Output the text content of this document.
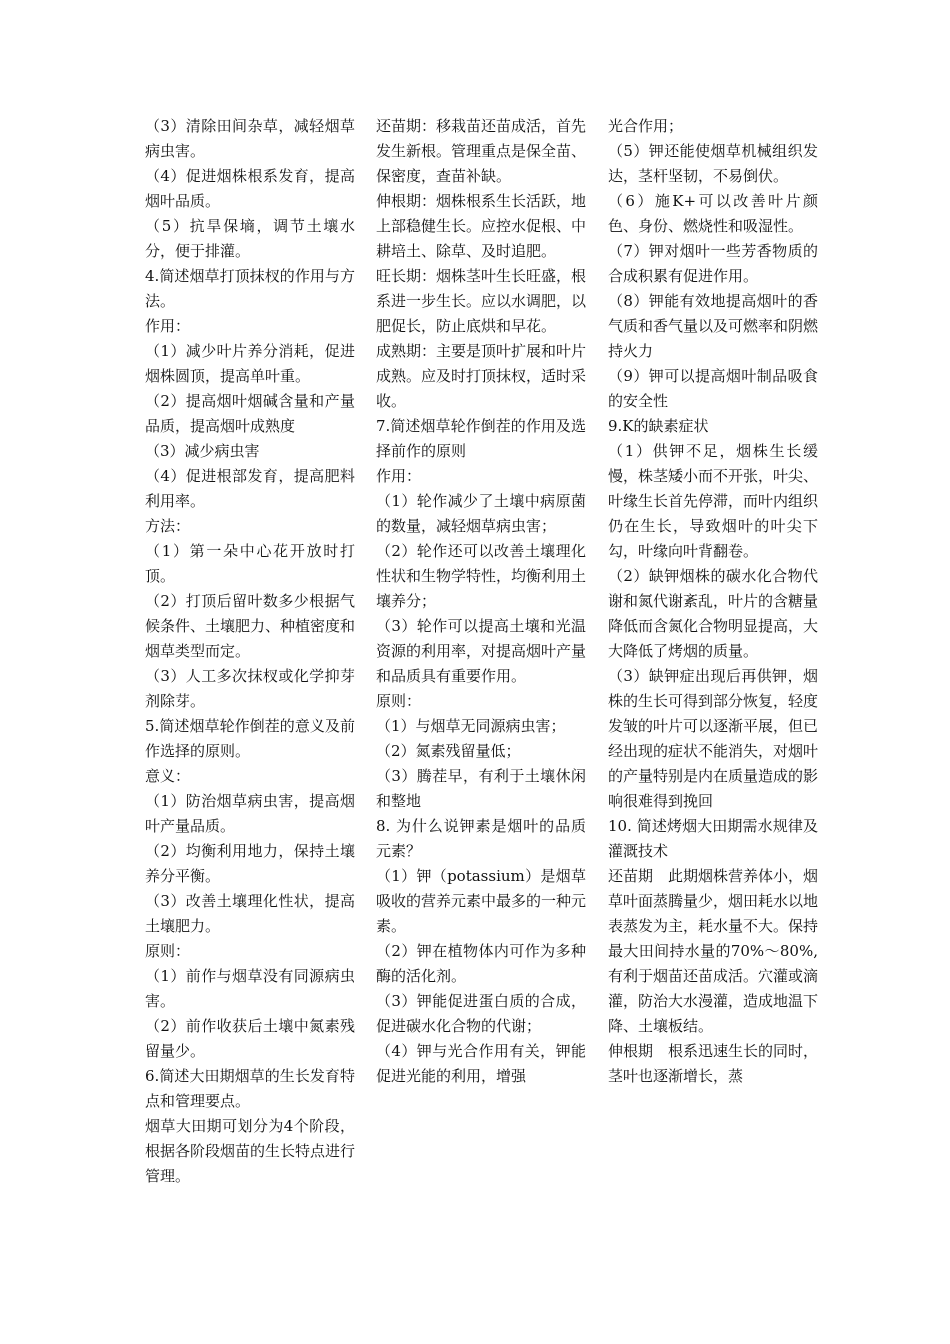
（3）清除田间杂草，减轻烟草病虫害。

（4）促进烟株根系发育，提高烟叶品质。

（5）抗旱保墒，调节土壤水分，便于排灌。

4.简述烟草打顶抹杈的作用与方法。

作用：

（1）减少叶片养分消耗，促进烟株圆顶，提高单叶重。

（2）提高烟叶烟碱含量和产量品质，提高烟叶成熟度

（3）减少病虫害

（4）促进根部发育，提高肥料利用率。

方法：

（1）第一朵中心花开放时打顶。

（2）打顶后留叶数多少根据气候条件、土壤肥力、种植密度和烟草类型而定。

（3）人工多次抹杈或化学抑芽剂除芽。

5.简述烟草轮作倒茬的意义及前作选择的原则。

意义：

（1）防治烟草病虫害，提高烟叶产量品质。

（2）均衡利用地力，保持土壤养分平衡。

（3）改善土壤理化性状，提高土壤肥力。

原则：

（1）前作与烟草没有同源病虫害。

（2）前作收获后土壤中氮素残留量少。

6.简述大田期烟草的生长发育特点和管理要点。

烟草大田期可划分为4个阶段，根据各阶段烟苗的生长特点进行管理。

还苗期：移栽苗还苗成活，首先发生新根。管理重点是保全苗、保密度，查苗补缺。

伸根期：烟株根系生长活跃，地上部稳健生长。应控水促根、中耕培土、除草、及时追肥。

旺长期：烟株茎叶生长旺盛，根系进一步生长。应以水调肥，以肥促长，防止底烘和早花。

成熟期：主要是顶叶扩展和叶片成熟。应及时打顶抹杈，适时采收。

7.简述烟草轮作倒茬的作用及选择前作的原则

作用：

（1）轮作减少了土壤中病原菌的数量，减轻烟草病虫害；

（2）轮作还可以改善土壤理化性状和生物学特性，均衡利用土壤养分；

（3）轮作可以提高土壤和光温资源的利用率，对提高烟叶产量和品质具有重要作用。

原则：

（1）与烟草无同源病虫害；

（2）氮素残留量低；

（3）腾茬早，有利于土壤休闲和整地

8. 为什么说钾素是烟叶的品质元素？

（1）钾（potassium）是烟草吸收的营养元素中最多的一种元素。

（2）钾在植物体内可作为多种酶的活化剂。

（3）钾能促进蛋白质的合成，促进碳水化合物的代谢；

（4）钾与光合作用有关，钾能促进光能的利用，增强

光合作用；

（5）钾还能使烟草机械组织发达，茎杆坚韧，不易倒伏。

（6）施K+可以改善叶片颜色、身份、燃烧性和吸湿性。

（7）钾对烟叶一些芳香物质的合成积累有促进作用。

（8）钾能有效地提高烟叶的香气质和香气量以及可燃率和阴燃持火力

（9）钾可以提高烟叶制品吸食的安全性

9.K的缺素症状

（1）供钾不足，烟株生长缓慢，株茎矮小而不开张，叶尖、叶缘生长首先停滞，而叶内组织仍在生长，导致烟叶的叶尖下勾，叶缘向叶背翻卷。

（2）缺钾烟株的碳水化合物代谢和氮代谢紊乱，叶片的含糖量降低而含氮化合物明显提高，大大降低了烤烟的质量。

（3）缺钾症出现后再供钾，烟株的生长可得到部分恢复，轻度发皱的叶片可以逐渐平展，但已经出现的症状不能消失，对烟叶的产量特别是内在质量造成的影响很难得到挽回

10. 简述烤烟大田期需水规律及灌溉技术

还苗期　此期烟株营养体小，烟草叶面蒸腾量少，烟田耗水以地表蒸发为主，耗水量不大。保持最大田间持水量的70%～80%,有利于烟苗还苗成活。穴灌或滴灌，防治大水漫灌，造成地温下降、土壤板结。

伸根期　根系迅速生长的同时，茎叶也逐渐增长，蒸
